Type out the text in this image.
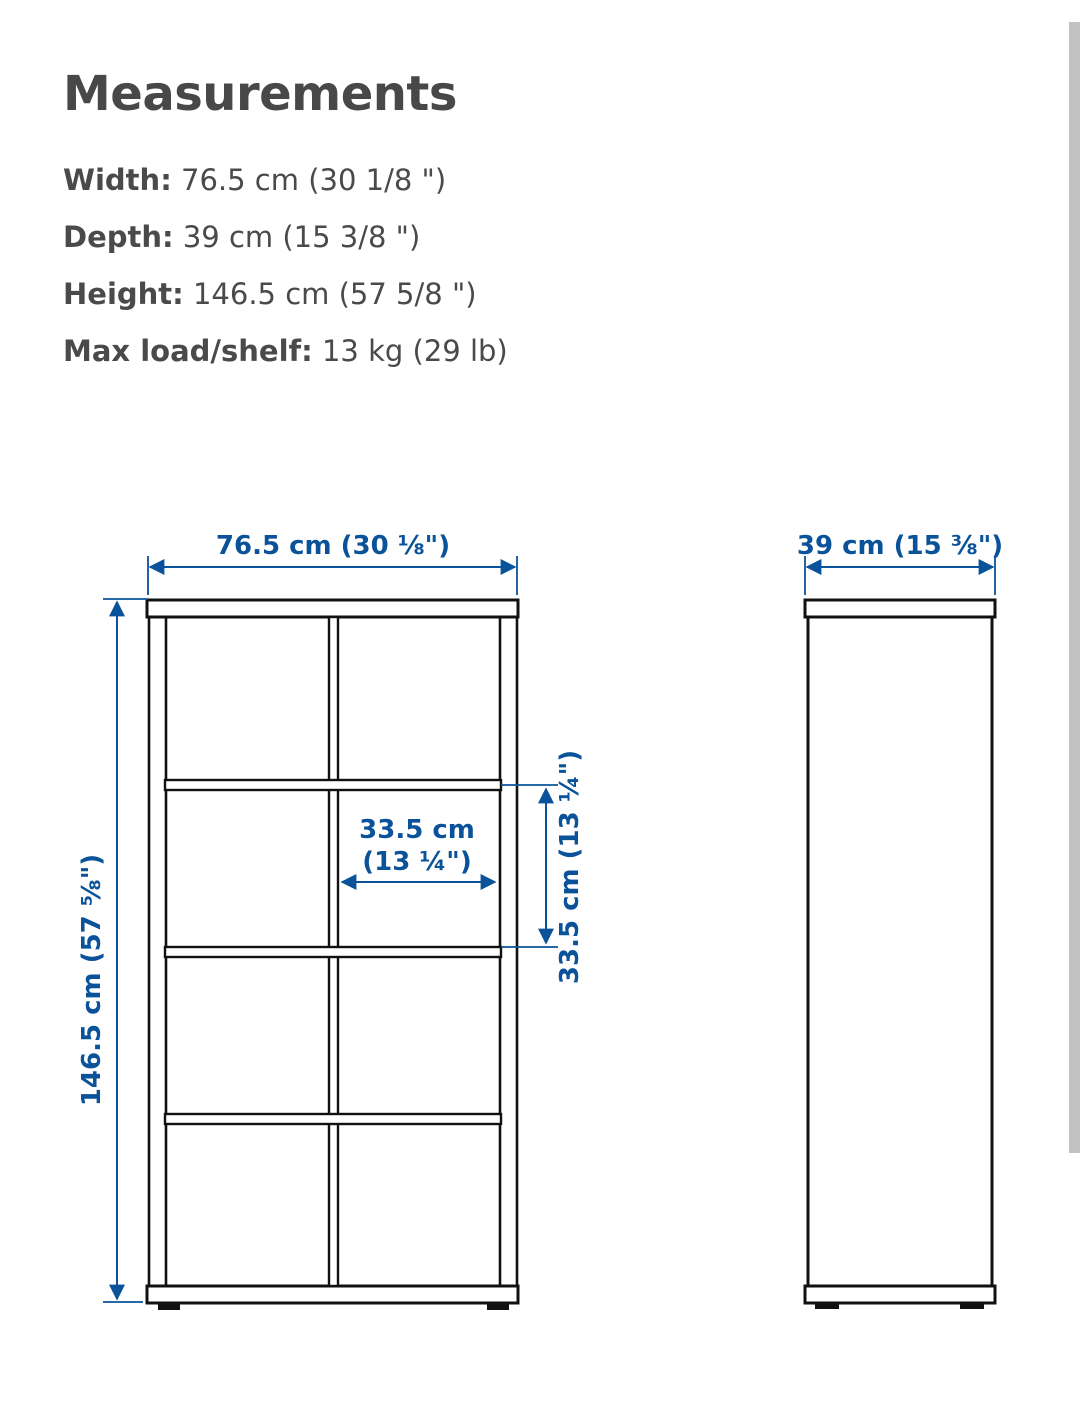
Measurements
Width: 76.5 cm (30 1/8 ")
Depth: 39 cm (15 3/8 ")
Height: 146.5 cm (57 5/8 ")
Max load/shelf: 13 kg (29 lb)
76.5 cm (30 ⅛")
146.5 cm (57 ⅝")
33.5 cm
(13 ¼")	33.5 cm (13 ¼")
39 cm (15 ⅜")
